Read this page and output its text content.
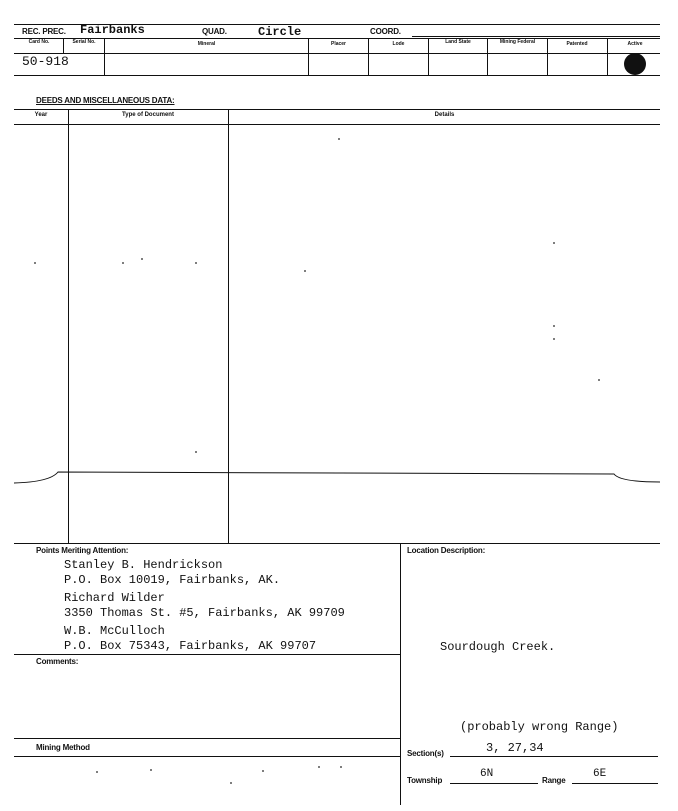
REC. PREC. Fairbanks	QUAD.	Circle	COORD.
Card No.	Serial No.	Mineral	Placer	Lode	Land State	Mining Federal	Patented	Active
50-918
DEEDS AND MISCELLANEOUS DATA:
Year	Type of Document	Details
Points Meriting Attention:
Stanley B. Hendrickson
P.O. Box 10019, Fairbanks, AK.
Richard Wilder
3350 Thomas St. #5, Fairbanks, AK 99709
W.B. McCulloch
P.O. Box 75343, Fairbanks, AK 99707
Comments:
Mining Method
Location Description:
Sourdough Creek.
(probably wrong Range)
Section(s)	3, 27,34
Township
6N
Range
6E
